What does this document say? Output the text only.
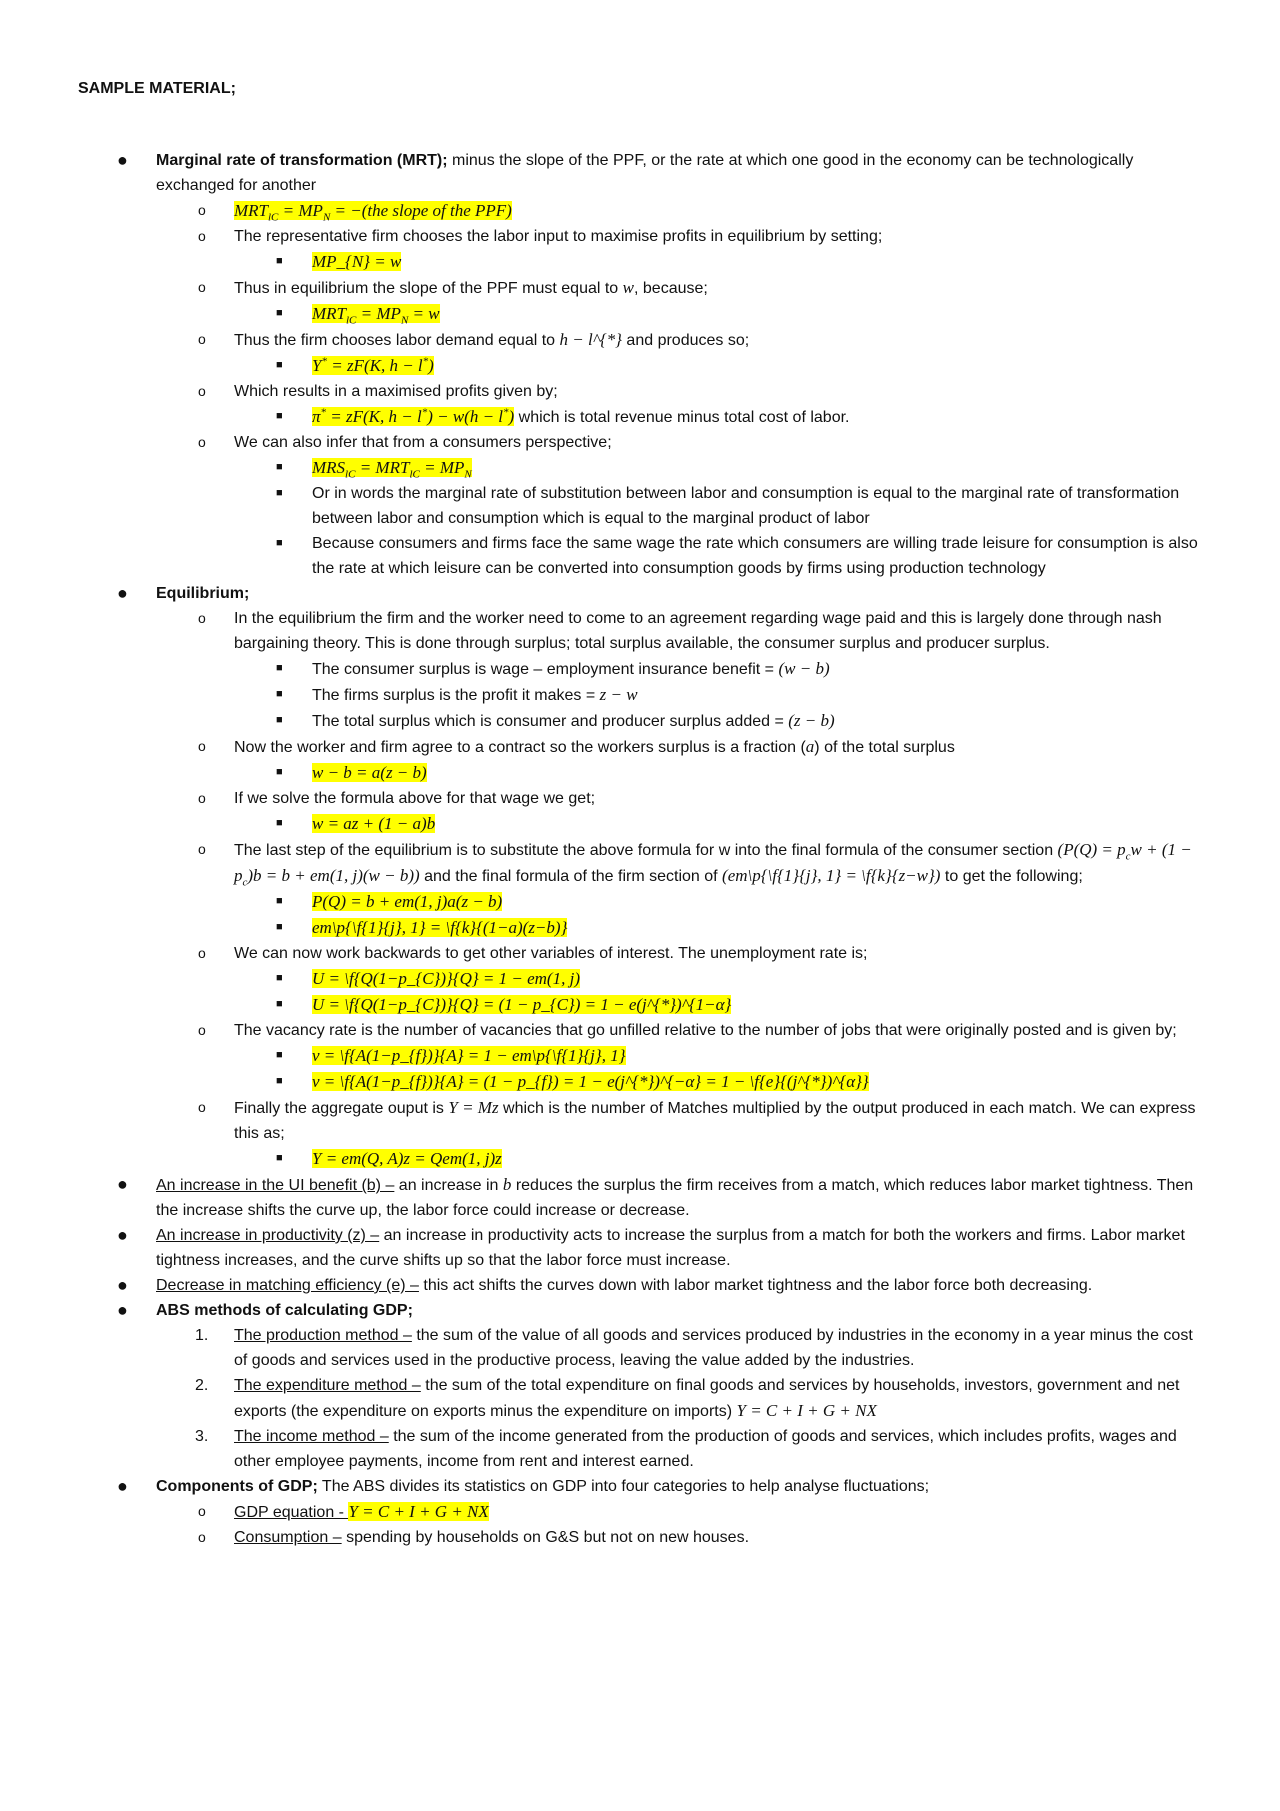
SAMPLE MATERIAL;
● Marginal rate of transformation (MRT); minus the slope of the PPF, or the rate at which one good in the economy can be technologically exchanged for another
o $MRT_{lC} = MP_N = -(the$ slope of the PPF)
o The representative firm chooses the labor input to maximise profits in equilibrium by setting;
■ MP_{N} = w
o Thus in equilibrium the slope of the PPF must equal to w, because;
■ $MRT_{lC} = MP_N = w$
o Thus the firm chooses labor demand equal to h − l^{*} and produces so;
■ Y* = zF(K, h − l*)
o Which results in a maximised profits given by;
■ π* = zF(K, h − l*) − w(h − l*) which is total revenue minus total cost of labor.
o We can also infer that from a consumers perspective;
■ $MRS_{lC} = MRT_{lC} = MP_N$
■ Or in words the marginal rate of substitution between labor and consumption is equal to the marginal rate of transformation between labor and consumption which is equal to the marginal product of labor
■ Because consumers and firms face the same wage the rate which consumers are willing trade leisure for consumption is also the rate at which leisure can be converted into consumption goods by firms using production technology
● Equilibrium;
o In the equilibrium the firm and the worker need to come to an agreement regarding wage paid and this is largely done through nash bargaining theory. This is done through surplus; total surplus available, the consumer surplus and producer surplus.
■ The consumer surplus is wage – employment insurance benefit = (w − b)
■ The firms surplus is the profit it makes = z − w
■ The total surplus which is consumer and producer surplus added = (z − b)
o Now the worker and firm agree to a contract so the workers surplus is a fraction (a) of the total surplus
■ w − b = a(z − b)
o If we solve the formula above for that wage we get;
■ w = az + (1 − a)b
o The last step of the equilibrium is to substitute the above formula for w into the final formula of the consumer section ($P(Q) = p_cw + (1 - p_c)b = b + em(1$, j)(w − b)) and the final formula of the firm section of (em\p{\f{1}{j}, 1} = \f{k}{z−w}) to get the following;
■ P(Q) = b + em(1, j)a(z − b)
■ em\p{\f{1}{j}, 1} = \f{k}{(1−a)(z−b)}
o We can now work backwards to get other variables of interest. The unemployment rate is;
■ U = \f{Q(1−p_{C})}{Q} = 1 − em(1, j)
■ U = \f{Q(1−p_{C})}{Q} = (1 − p_{C}) = 1 − e(j^{*})^{1−α}
o The vacancy rate is the number of vacancies that go unfilled relative to the number of jobs that were originally posted and is given by;
■ v = \f{A(1−p_{f})}{A} = 1 − em\p{\f{1}{j}, 1}
■ v = \f{A(1−p_{f})}{A} = (1 − p_{f}) = 1 − e(j^{*})^{−α} = 1 − \f{e}{(j^{*})^{α}}
o Finally the aggregate ouput is Y = Mz which is the number of Matches multiplied by the output produced in each match. We can express this as;
■ Y = em(Q, A)z = Qem(1, j)z
● An increase in the UI benefit (b) – an increase in b reduces the surplus the firm receives from a match, which reduces labor market tightness. Then the increase shifts the curve up, the labor force could increase or decrease.
● An increase in productivity (z) – an increase in productivity acts to increase the surplus from a match for both the workers and firms. Labor market tightness increases, and the curve shifts up so that the labor force must increase.
● Decrease in matching efficiency (e) – this act shifts the curves down with labor market tightness and the labor force both decreasing.
● ABS methods of calculating GDP;
1. The production method – the sum of the value of all goods and services produced by industries in the economy in a year minus the cost of goods and services used in the productive process, leaving the value added by the industries.
2. The expenditure method – the sum of the total expenditure on final goods and services by households, investors, government and net exports (the expenditure on exports minus the expenditure on imports) Y = C + I + G + NX
3. The income method – the sum of the income generated from the production of goods and services, which includes profits, wages and other employee payments, income from rent and interest earned.
● Components of GDP; The ABS divides its statistics on GDP into four categories to help analyse fluctuations;
o GDP equation - Y = C + I + G + NX
o Consumption – spending by households on G&S but not on new houses.
